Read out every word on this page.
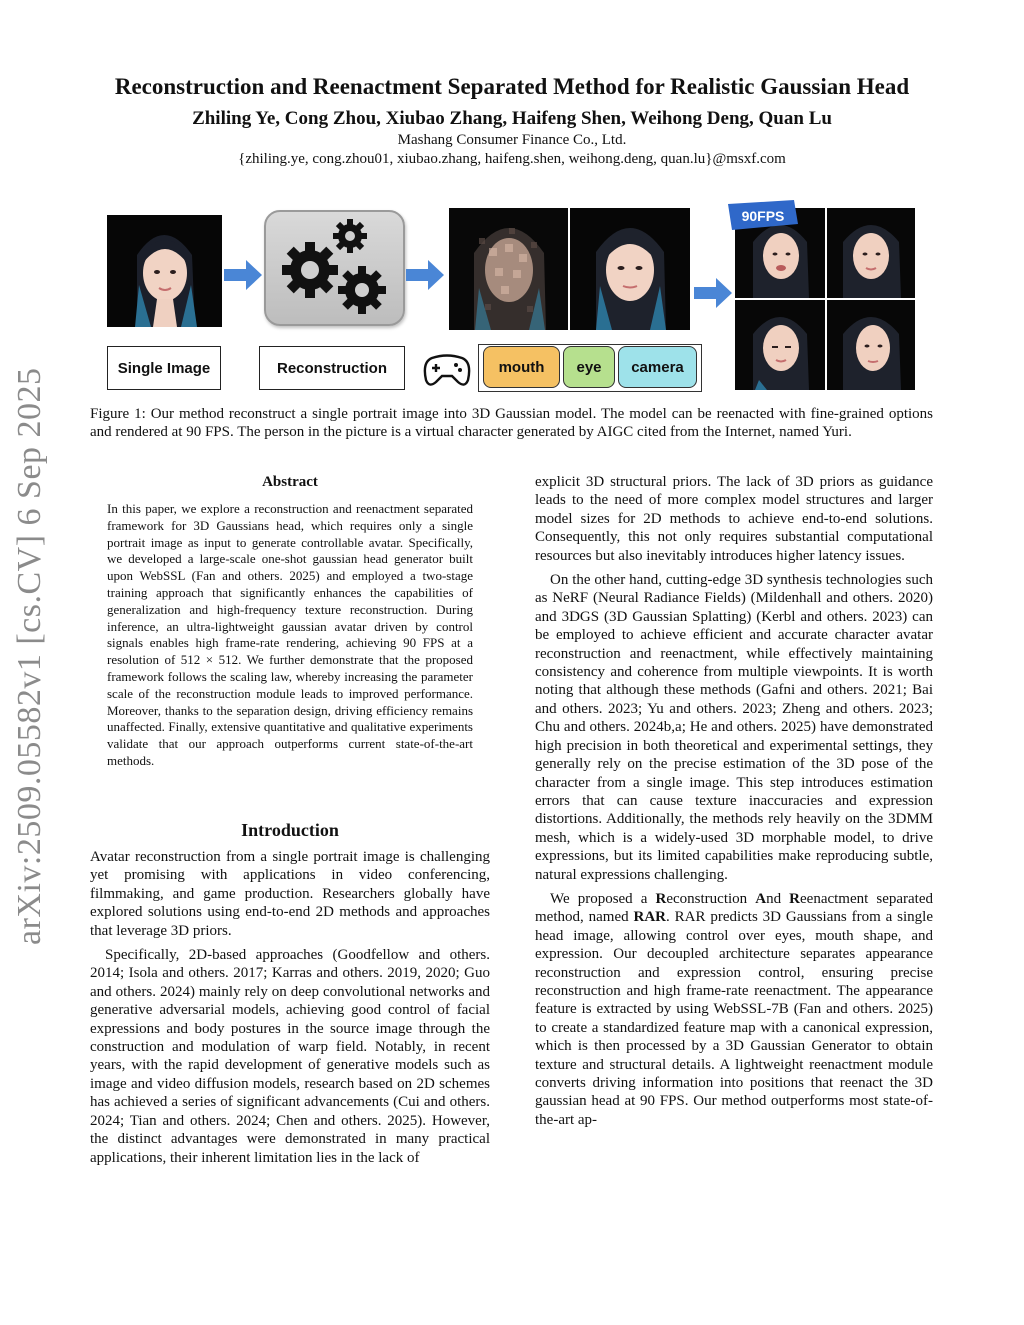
arXiv:2509.05582v1 [cs.CV] 6 Sep 2025
Reconstruction and Reenactment Separated Method for Realistic Gaussian Head
Zhiling Ye, Cong Zhou, Xiubao Zhang, Haifeng Shen, Weihong Deng, Quan Lu
Mashang Consumer Finance Co., Ltd.
{zhiling.ye, cong.zhou01, xiubao.zhang, haifeng.shen, weihong.deng, quan.lu}@msxf.com
Single Image	Reconstruction	mouth	eye	camera
90FPS
Figure 1: Our method reconstruct a single portrait image into 3D Gaussian model. The model can be reenacted with fine-grained options and rendered at 90 FPS. The person in the picture is a virtual character generated by AIGC cited from the Internet, named Yuri.
Abstract
In this paper, we explore a reconstruction and reenactment separated framework for 3D Gaussians head, which requires only a single portrait image as input to generate controllable avatar. Specifically, we developed a large-scale one-shot gaussian head generator built upon WebSSL (Fan and others. 2025) and employed a two-stage training approach that significantly enhances the capabilities of generalization and high-frequency texture reconstruction. During inference, an ultra-lightweight gaussian avatar driven by control signals enables high frame-rate rendering, achieving 90 FPS at a resolution of 512 × 512. We further demonstrate that the proposed framework follows the scaling law, whereby increasing the parameter scale of the reconstruction module leads to improved performance. Moreover, thanks to the separation design, driving efficiency remains unaffected. Finally, extensive quantitative and qualitative experiments validate that our approach outperforms current state-of-the-art methods.
Introduction

Avatar reconstruction from a single portrait image is challenging yet promising with applications in video conferencing, filmmaking, and game production. Researchers globally have explored solutions using end-to-end 2D methods and approaches that leverage 3D priors.

Specifically, 2D-based approaches (Goodfellow and others. 2014; Isola and others. 2017; Karras and others. 2019, 2020; Guo and others. 2024) mainly rely on deep convolutional networks and generative adversarial models, achieving good control of facial expressions and body postures in the source image through the construction and modulation of warp field. Notably, in recent years, with the rapid development of generative models such as image and video diffusion models, research based on 2D schemes has achieved a series of significant advancements (Cui and others. 2024; Tian and others. 2024; Chen and others. 2025). However, the distinct advantages were demonstrated in many practical applications, their inherent limitation lies in the lack of

explicit 3D structural priors. The lack of 3D priors as guidance leads to the need of more complex model structures and larger model sizes for 2D methods to achieve end-to-end solutions. Consequently, this not only requires substantial computational resources but also inevitably introduces higher latency issues.

On the other hand, cutting-edge 3D synthesis technologies such as NeRF (Neural Radiance Fields) (Mildenhall and others. 2020) and 3DGS (3D Gaussian Splatting) (Kerbl and others. 2023) can be employed to achieve efficient and accurate character avatar reconstruction and reenactment, while effectively maintaining consistency and coherence from multiple viewpoints. It is worth noting that although these methods (Gafni and others. 2021; Bai and others. 2023; Yu and others. 2023; Zheng and others. 2023; Chu and others. 2024b,a; He and others. 2025) have demonstrated high precision in both theoretical and experimental settings, they generally rely on the precise estimation of the 3D pose of the character from a single image. This step introduces estimation errors that can cause texture inaccuracies and expression distortions. Additionally, the methods rely heavily on the 3DMM mesh, which is a widely-used 3D morphable model, to drive expressions, but its limited capabilities make reproducing subtle, natural expressions challenging.

We proposed a Reconstruction And Reenactment separated method, named RAR. RAR predicts 3D Gaussians from a single head image, allowing control over eyes, mouth shape, and expression. Our decoupled architecture separates appearance reconstruction and expression control, ensuring precise reconstruction and high frame-rate reenactment. The appearance feature is extracted by using WebSSL-7B (Fan and others. 2025) to create a standardized feature map with a canonical expression, which is then processed by a 3D Gaussian Generator to obtain texture and structural details. A lightweight reenactment module converts driving information into positions that reenact the 3D gaussian head at 90 FPS. Our method outperforms most state-of-the-art ap-
